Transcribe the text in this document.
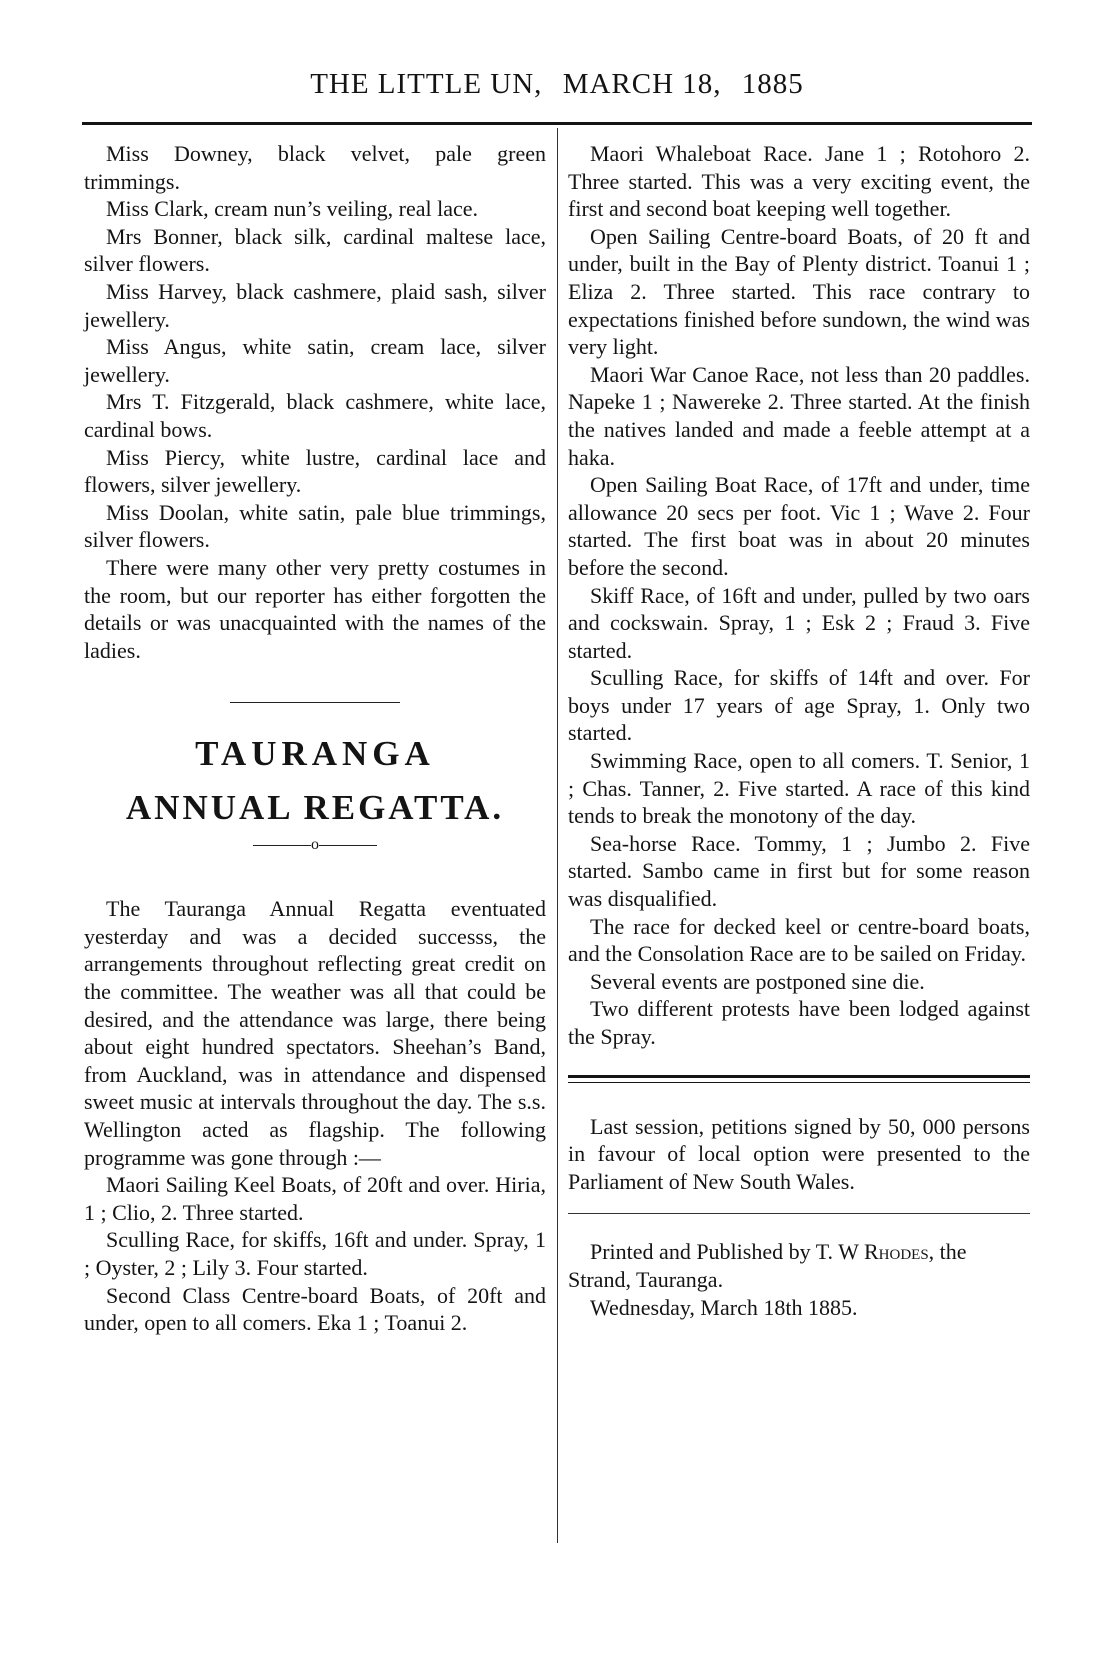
THE LITTLE UN, MARCH 18, 1885

Miss Downey, black velvet, pale green trimmings.

Miss Clark, cream nun’s veiling, real lace.

Mrs Bonner, black silk, cardinal maltese lace, silver flowers.

Miss Harvey, black cashmere, plaid sash, silver jewellery.

Miss Angus, white satin, cream lace, silver jewellery.

Mrs T. Fitzgerald, black cashmere, white lace, cardinal bows.

Miss Piercy, white lustre, cardinal lace and flowers, silver jewellery.

Miss Doolan, white satin, pale blue trimmings, silver flowers.

There were many other very pretty costumes in the room, but our reporter has either forgotten the details or was unacquainted with the names of the ladies.

TAURANGA
ANNUAL REGATTA.
o

The Tauranga Annual Regatta eventuated yesterday and was a decided successs, the arrangements throughout reflecting great credit on the committee. The weather was all that could be desired, and the attendance was large, there being about eight hundred spectators. Sheehan’s Band, from Auckland, was in attendance and dispensed sweet music at intervals throughout the day. The s.s. Wellington acted as flagship. The following programme was gone through :—

Maori Sailing Keel Boats, of 20ft and over. Hiria, 1 ; Clio, 2. Three started.

Sculling Race, for skiffs, 16ft and under. Spray, 1 ; Oyster, 2 ; Lily 3. Four started.

Second Class Centre-board Boats, of 20ft and under, open to all comers. Eka 1 ; Toanui 2.

Maori Whaleboat Race. Jane 1 ; Rotohoro 2. Three started. This was a very exciting event, the first and second boat keeping well together.

Open Sailing Centre-board Boats, of 20 ft and under, built in the Bay of Plenty district. Toanui 1 ; Eliza 2. Three started. This race contrary to expectations finished before sundown, the wind was very light.

Maori War Canoe Race, not less than 20 paddles. Napeke 1 ; Nawereke 2. Three started. At the finish the natives landed and made a feeble attempt at a haka.

Open Sailing Boat Race, of 17ft and under, time allowance 20 secs per foot. Vic 1 ; Wave 2. Four started. The first boat was in about 20 minutes before the second.

Skiff Race, of 16ft and under, pulled by two oars and cockswain. Spray, 1 ; Esk 2 ; Fraud 3. Five started.

Sculling Race, for skiffs of 14ft and over. For boys under 17 years of age Spray, 1. Only two started.

Swimming Race, open to all comers. T. Senior, 1 ; Chas. Tanner, 2. Five started. A race of this kind tends to break the monotony of the day.

Sea-horse Race. Tommy, 1 ; Jumbo 2. Five started. Sambo came in first but for some reason was disqualified.

The race for decked keel or centre-board boats, and the Consolation Race are to be sailed on Friday.

Several events are postponed sine die.

Two different protests have been lodged against the Spray.

Last session, petitions signed by 50, 000 persons in favour of local option were presented to the Parliament of New South Wales.

Printed and Published by T. W Rhodes, the Strand, Tauranga.

Wednesday, March 18th 1885.
